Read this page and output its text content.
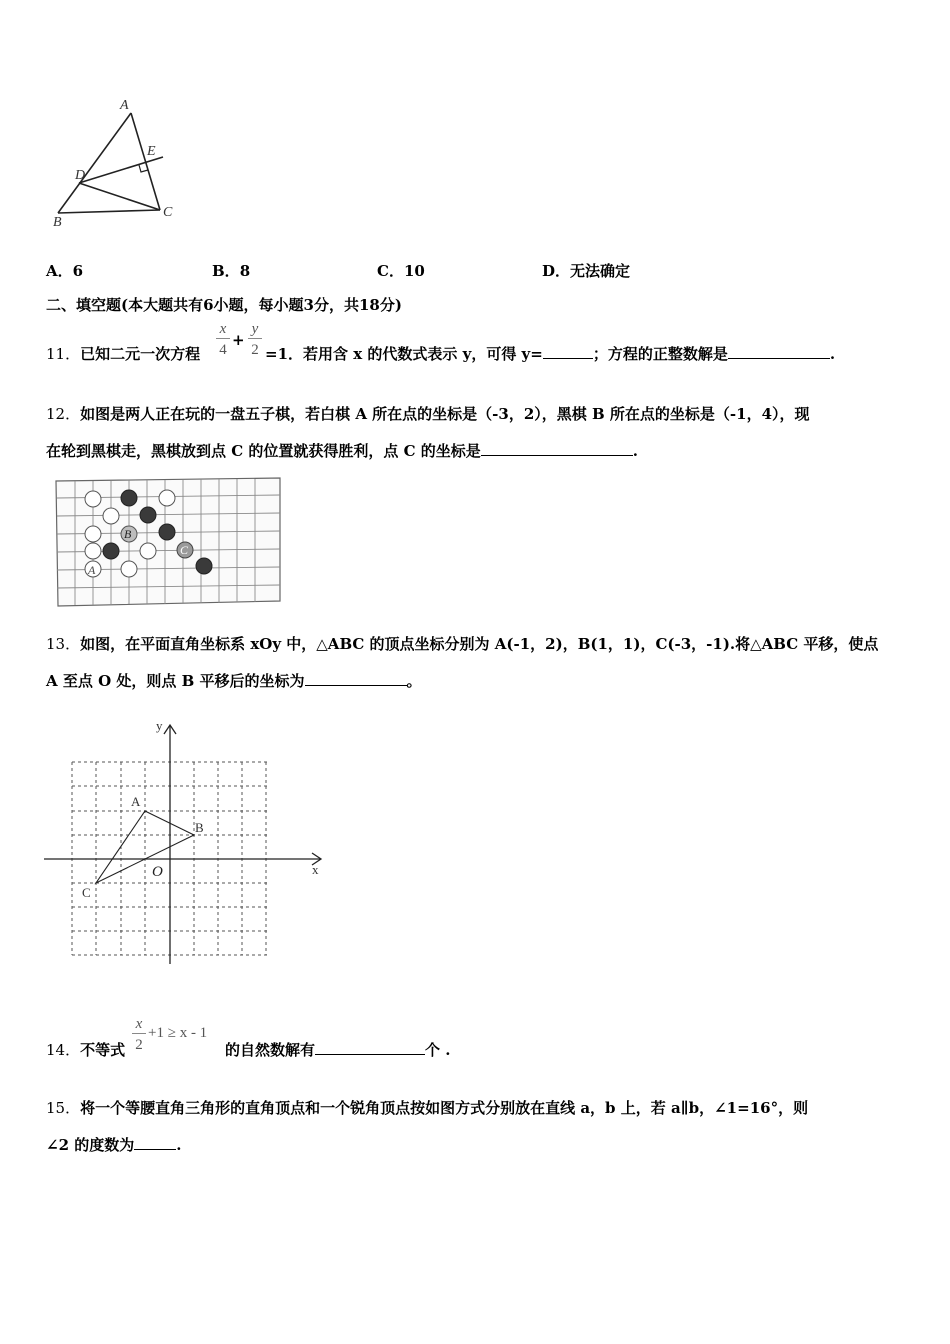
A
E
D
B
C
A．6	B．8	C．10	D．无法确定
二、填空题(本大题共有6小题，每小题3分，共18分)
11．已知二元一次方程
x
4
+
y
2 =1．若用含 x 的代数式表示 y，可得 y=	；方程的正整数解是	.
12．如图是两人正在玩的一盘五子棋，若白棋 A 所在点的坐标是（-3，2），黑棋 B 所在点的坐标是（-1，4），现
在轮到黑棋走，黑棋放到点 C 的位置就获得胜利，点 C 的坐标是	.
A
B
C
13．如图，在平面直角坐标系 xOy 中，△ABC 的顶点坐标分别为 A(-1，2)，B(1，1)，C(-3，-1).将△ABC 平移，使点
A 至点 O 处，则点 B 平移后的坐标为	。
y
x
O
A
B
C
14．不等式
x
2
+1 ≥ x - 1
的自然数解有	个 .
15．将一个等腰直角三角形的直角顶点和一个锐角顶点按如图方式分别放在直线 a，b 上，若 a∥b，∠1=16°，则
∠2 的度数为	.
